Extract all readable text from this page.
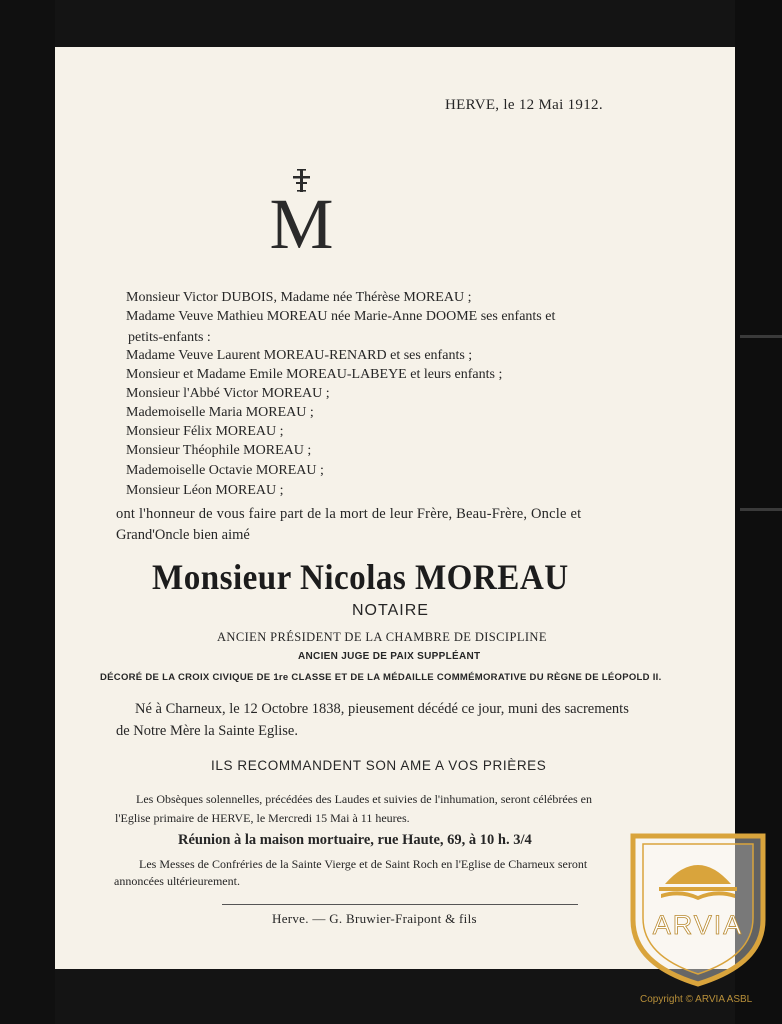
HERVE, le 12 Mai 1912.
M
Monsieur Victor DUBOIS, Madame née Thérèse MOREAU ;
Madame Veuve Mathieu MOREAU née Marie-Anne DOOME ses enfants et
petits-enfants :
Madame Veuve Laurent MOREAU-RENARD et ses enfants ;
Monsieur et Madame Emile MOREAU-LABEYE et leurs enfants ;
Monsieur l'Abbé Victor MOREAU ;
Mademoiselle Maria MOREAU ;
Monsieur Félix MOREAU ;
Monsieur Théophile MOREAU ;
Mademoiselle Octavie MOREAU ;
Monsieur Léon MOREAU ;
ont l'honneur de vous faire part de la mort de leur Frère, Beau-Frère, Oncle et
Grand'Oncle bien aimé
Monsieur Nicolas MOREAU
NOTAIRE
ANCIEN PRÉSIDENT DE LA CHAMBRE DE DISCIPLINE
ANCIEN JUGE DE PAIX SUPPLÉANT
DÉCORÉ DE LA CROIX CIVIQUE DE 1re CLASSE ET DE LA MÉDAILLE COMMÉMORATIVE DU RÈGNE DE LÉOPOLD II.
Né à Charneux, le 12 Octobre 1838, pieusement décédé ce jour, muni des sacrements
de Notre Mère la Sainte Eglise.
ILS RECOMMANDENT SON AME A VOS PRIÈRES
Les Obsèques solennelles, précédées des Laudes et suivies de l'inhumation, seront célébrées en
l'Eglise primaire de HERVE, le Mercredi 15 Mai à 11 heures.
Réunion à la maison mortuaire, rue Haute, 69, à 10 h. 3/4
Les Messes de Confréries de la Sainte Vierge et de Saint Roch en l'Eglise de Charneux seront
annoncées ultérieurement.
Herve. — G. Bruwier-Fraipont & fils	ARVIA
Copyright © ARVIA ASBL
